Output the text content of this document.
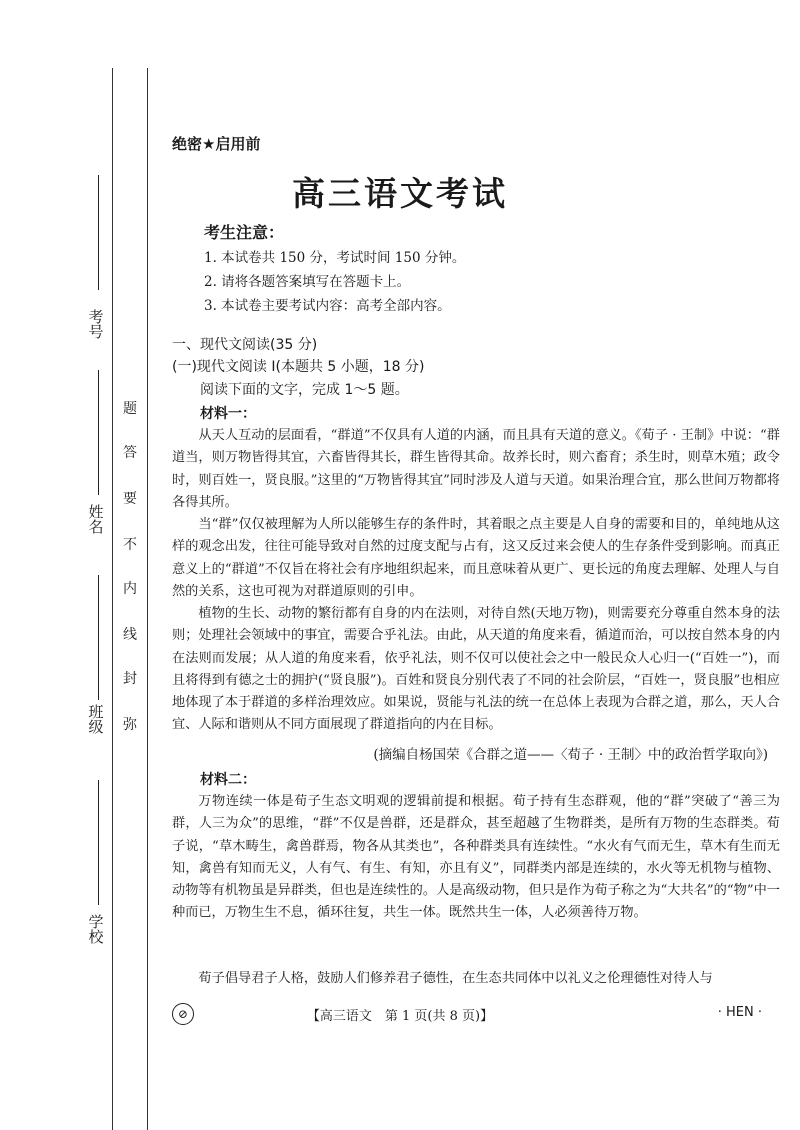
考号
姓名
班级
学校
题
答
要
不
内
线
封
弥
绝密★启用前
高三语文考试
考生注意：
1. 本试卷共 150 分，考试时间 150 分钟。
2. 请将各题答案填写在答题卡上。
3. 本试卷主要考试内容：高考全部内容。
一、现代文阅读(35 分)
(一)现代文阅读 Ⅰ(本题共 5 小题，18 分)
阅读下面的文字，完成 1～5 题。
材料一：

从天人互动的层面看，“群道”不仅具有人道的内涵，而且具有天道的意义。《荀子 · 王制》中说：“群道当，则万物皆得其宜，六畜皆得其长，群生皆得其命。故养长时，则六畜育；杀生时，则草木殖；政令时，则百姓一，贤良服。”这里的“万物皆得其宜”同时涉及人道与天道。如果治理合宜，那么世间万物都将各得其所。

当“群”仅仅被理解为人所以能够生存的条件时，其着眼之点主要是人自身的需要和目的，单纯地从这样的观念出发，往往可能导致对自然的过度支配与占有，这又反过来会使人的生存条件受到影响。而真正意义上的“群道”不仅旨在将社会有序地组织起来，而且意味着从更广、更长远的角度去理解、处理人与自然的关系，这也可视为对群道原则的引申。

植物的生长、动物的繁衍都有自身的内在法则，对待自然(天地万物)，则需要充分尊重自然本身的法则；处理社会领域中的事宜，需要合乎礼法。由此，从天道的角度来看，循道而治，可以按自然本身的内在法则而发展；从人道的角度来看，依乎礼法，则不仅可以使社会之中一般民众人心归一(“百姓一”)，而且将得到有德之士的拥护(“贤良服”)。百姓和贤良分别代表了不同的社会阶层，“百姓一，贤良服”也相应地体现了本于群道的多样治理效应。如果说，贤能与礼法的统一在总体上表现为合群之道，那么，天人合宜、人际和谐则从不同方面展现了群道指向的内在目标。

(摘编自杨国荣《合群之道——〈荀子 · 王制〉中的政治哲学取向》)
材料二：

万物连续一体是荀子生态文明观的逻辑前提和根据。荀子持有生态群观，他的“群”突破了“善三为群，人三为众”的思维，“群”不仅是兽群，还是群众，甚至超越了生物群类，是所有万物的生态群类。荀子说，“草木畴生，禽兽群焉，物各从其类也”，各种群类具有连续性。“水火有气而无生，草木有生而无知，禽兽有知而无义，人有气、有生、有知，亦且有义”，同群类内部是连续的，水火等无机物与植物、动物等有机物虽是异群类，但也是连续性的。人是高级动物，但只是作为荀子称之为“大共名”的“物”中一种而已，万物生生不息，循环往复，共生一体。既然共生一体，人必须善待万物。

荀子倡导君子人格，鼓励人们修养君子德性，在生态共同体中以礼义之伦理德性对待人与

⊘	【高三语文　第 1 页(共 8 页)】	· HEN ·
